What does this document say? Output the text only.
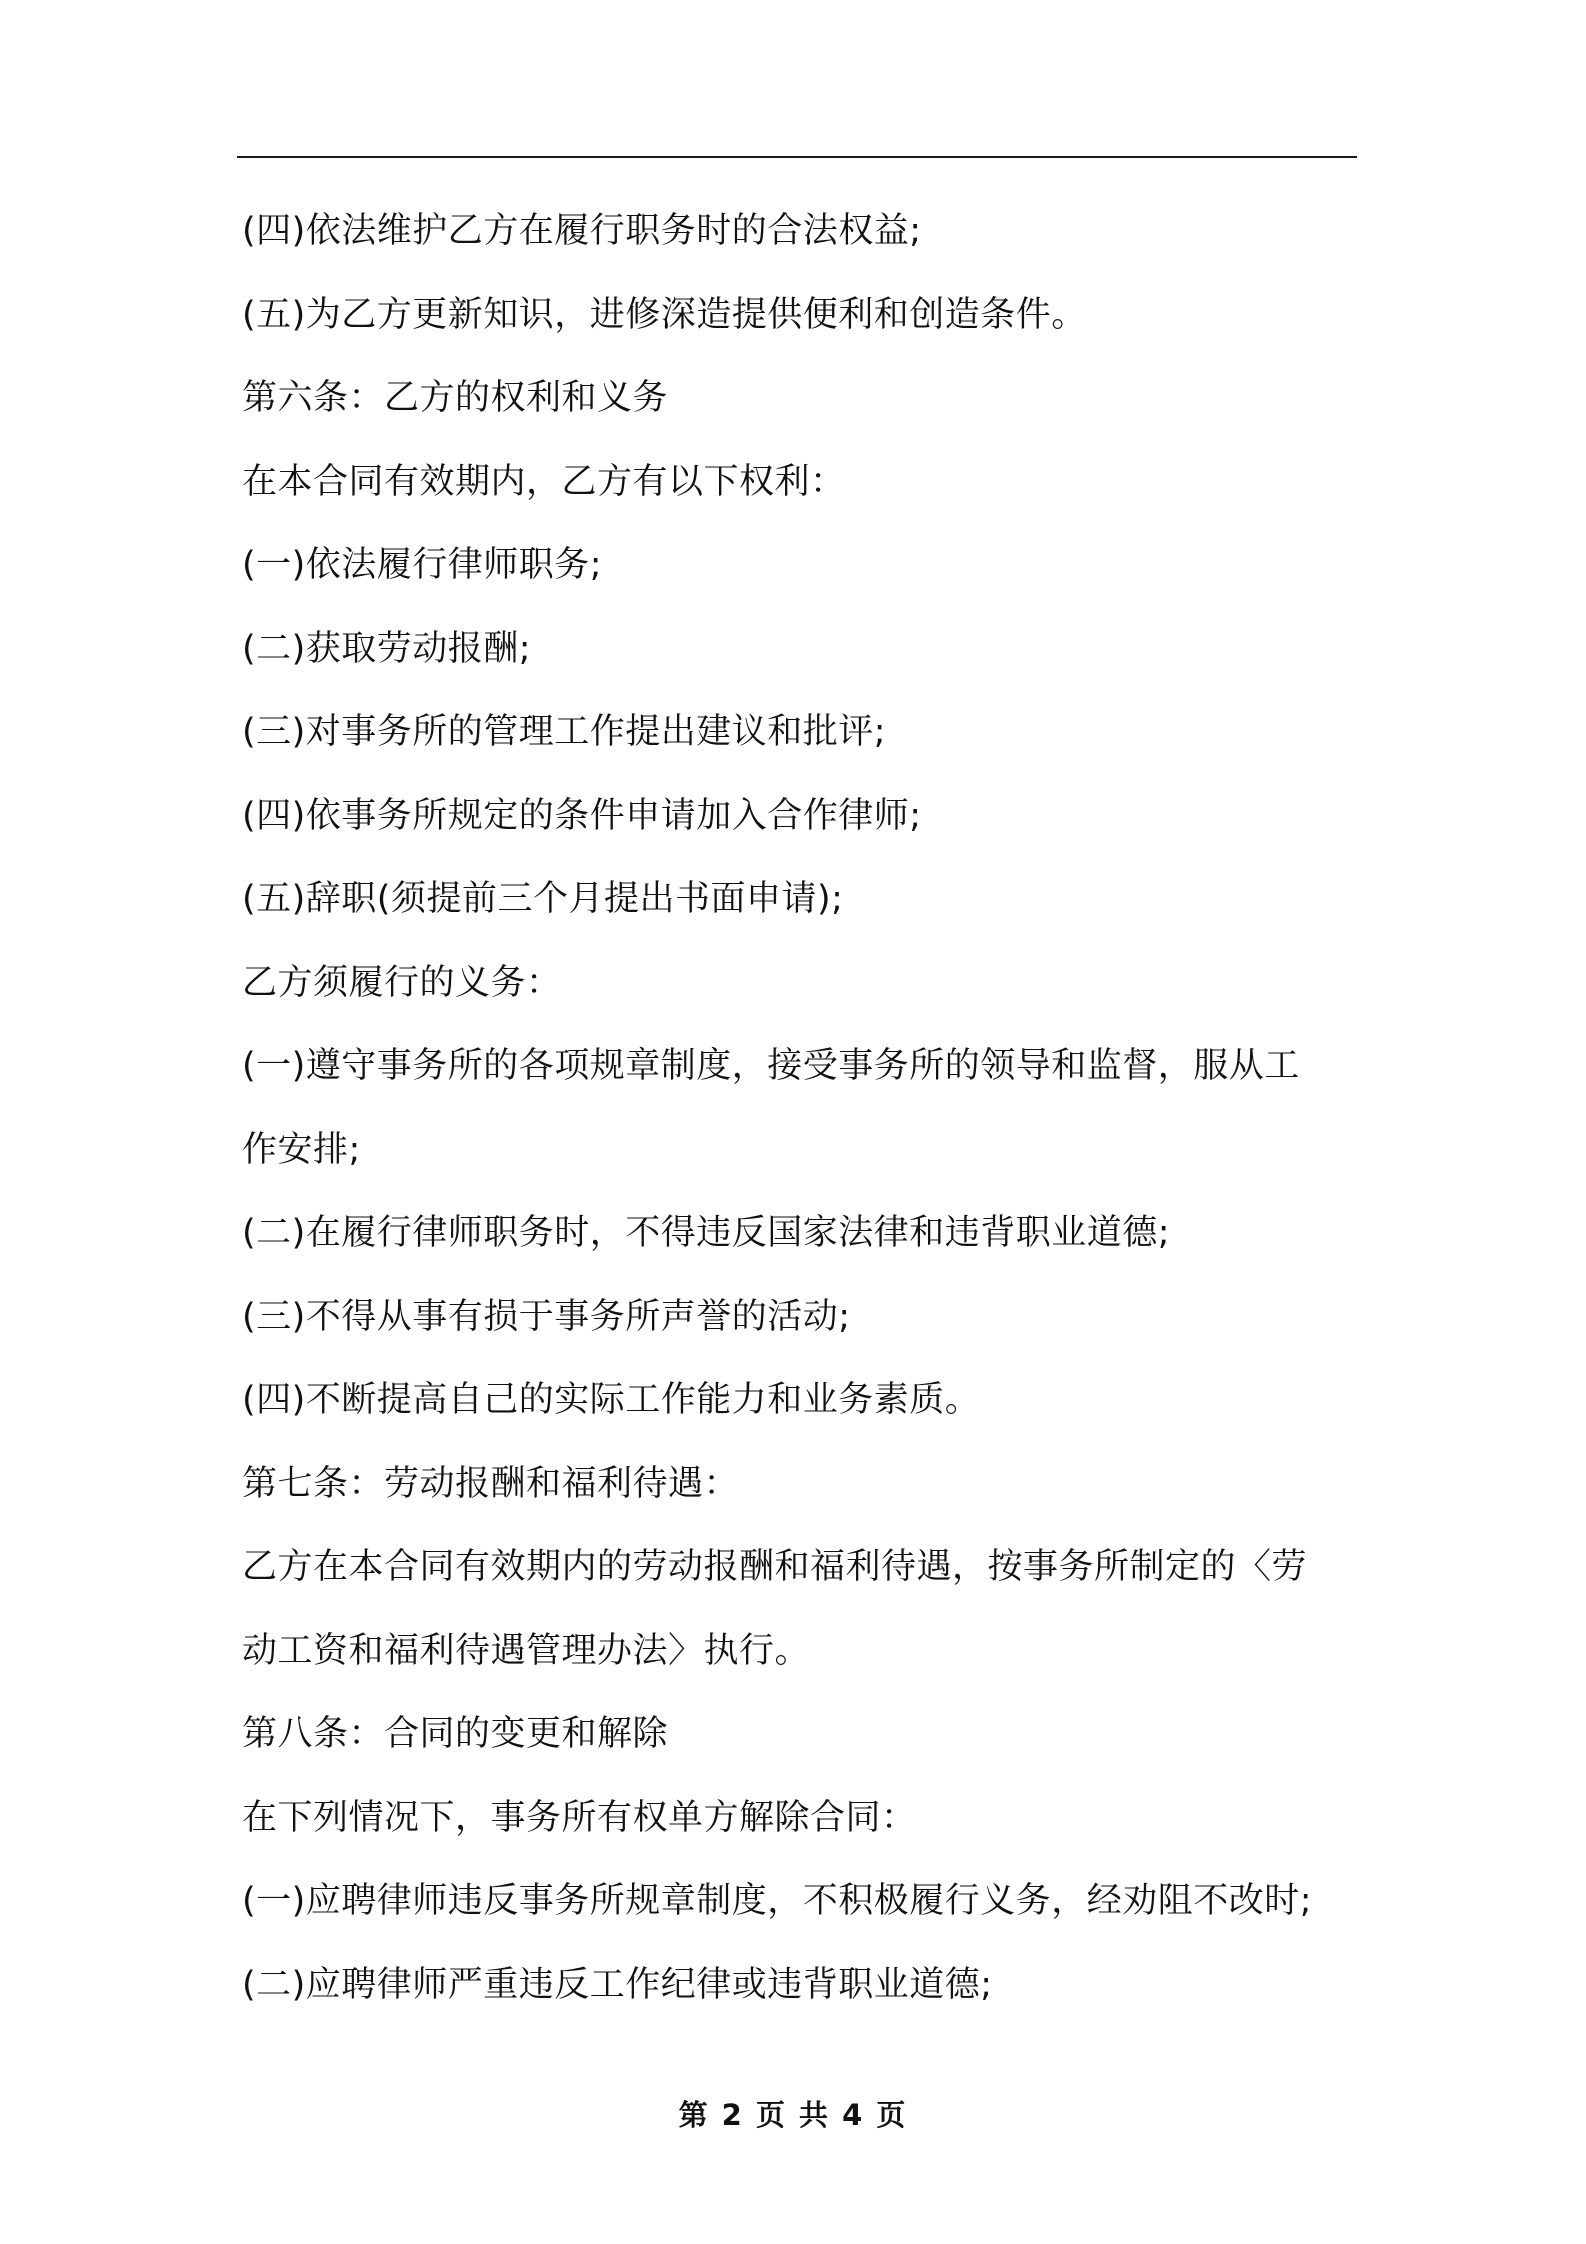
(四)依法维护乙方在履行职务时的合法权益;
(五)为乙方更新知识，进修深造提供便利和创造条件。
第六条：乙方的权利和义务
在本合同有效期内，乙方有以下权利：
(一)依法履行律师职务;
(二)获取劳动报酬;
(三)对事务所的管理工作提出建议和批评;
(四)依事务所规定的条件申请加入合作律师;
(五)辞职(须提前三个月提出书面申请);
乙方须履行的义务：
(一)遵守事务所的各项规章制度，接受事务所的领导和监督，服从工
作安排;
(二)在履行律师职务时，不得违反国家法律和违背职业道德;
(三)不得从事有损于事务所声誉的活动;
(四)不断提高自己的实际工作能力和业务素质。
第七条：劳动报酬和福利待遇：
乙方在本合同有效期内的劳动报酬和福利待遇，按事务所制定的〈劳
动工资和福利待遇管理办法〉执行。
第八条：合同的变更和解除
在下列情况下，事务所有权单方解除合同：
(一)应聘律师违反事务所规章制度，不积极履行义务，经劝阻不改时;
(二)应聘律师严重违反工作纪律或违背职业道德;
第 2 页 共 4 页
